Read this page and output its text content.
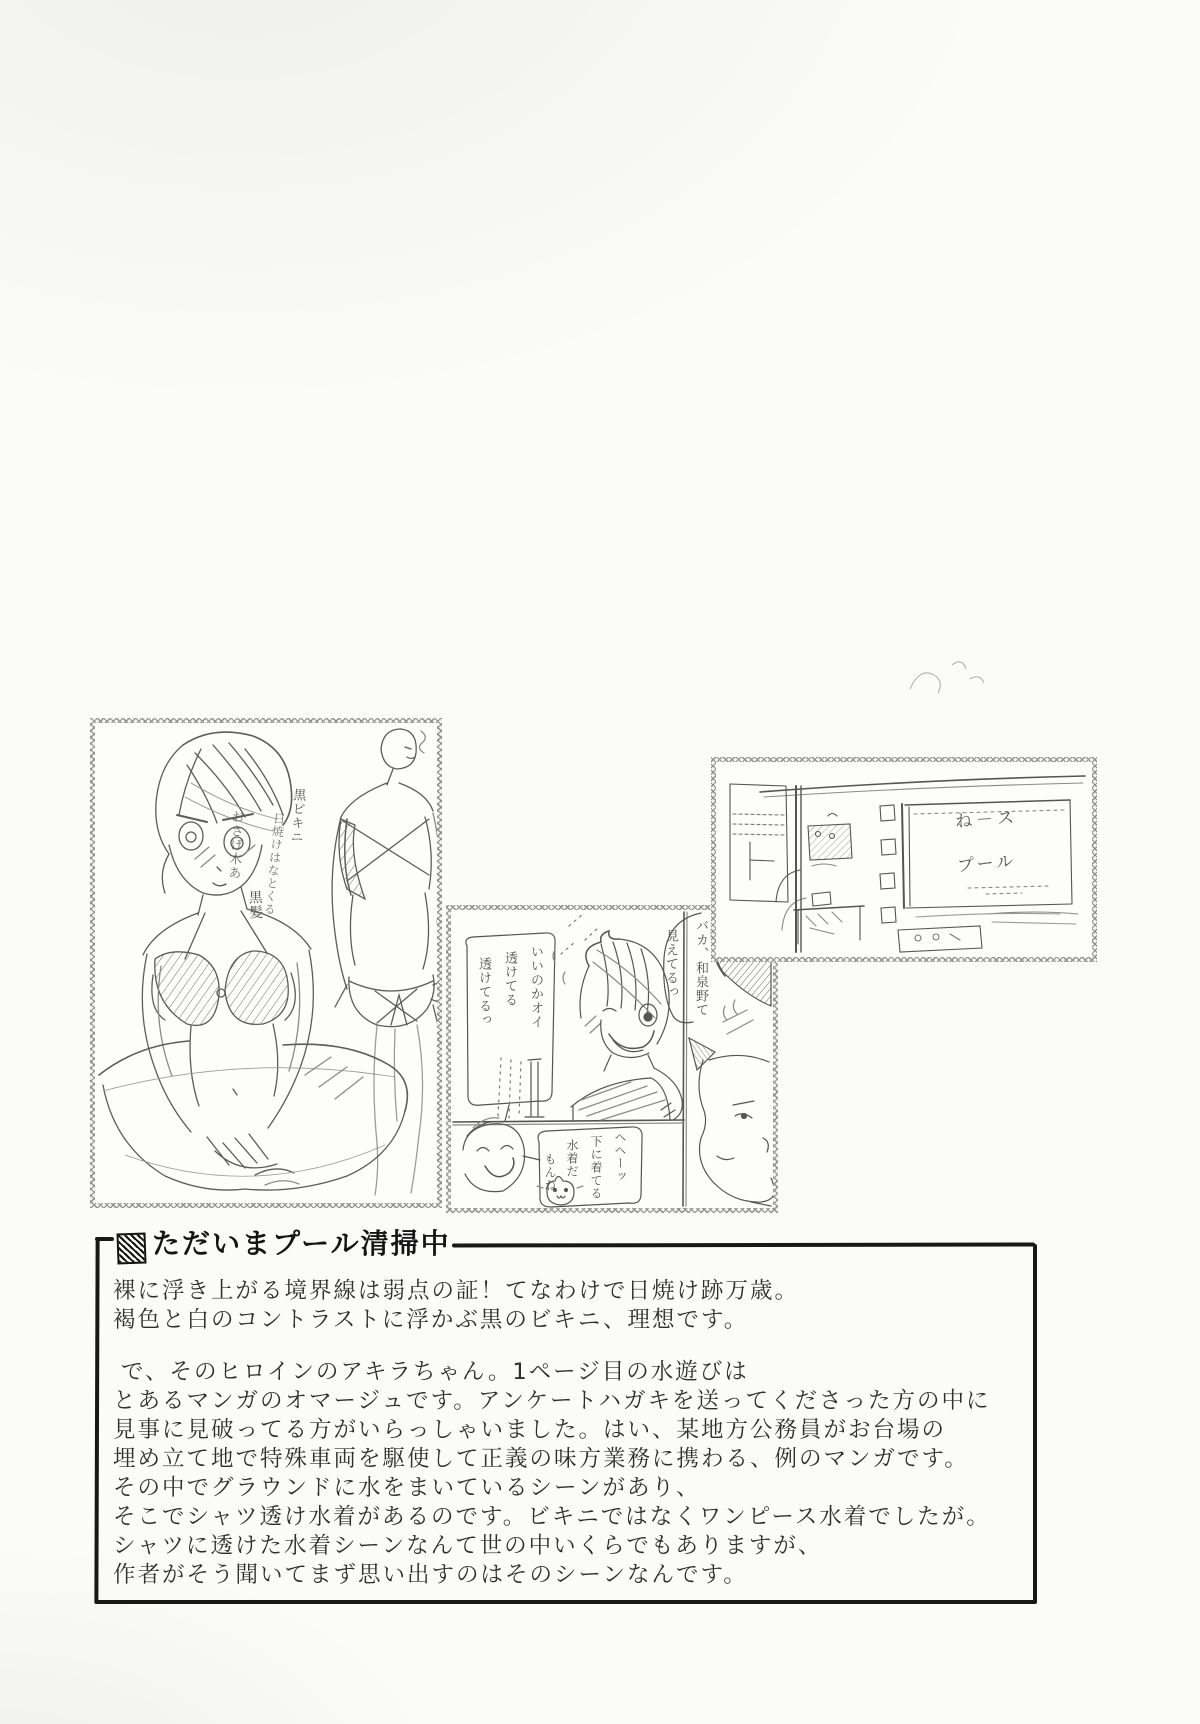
おさげ木あ
黒髪
黒ビキニ
日焼けはなとくる
いいのかオイ
透けてる
透けてるっ	バカ、和泉野て
見えてるっ
ヘヘーッ
下に着てる
水着だ
もんね
ね－ス
プール
ただいまプール清掃中
裸に浮き上がる境界線は弱点の証！てなわけで日焼け跡万歳。
褐色と白のコントラストに浮かぶ黒のビキニ、理想です。
で、そのヒロインのアキラちゃん。1ページ目の水遊びは
とあるマンガのオマージュです。アンケートハガキを送ってくださった方の中に
見事に見破ってる方がいらっしゃいました。はい、某地方公務員がお台場の
埋め立て地で特殊車両を駆使して正義の味方業務に携わる、例のマンガです。
その中でグラウンドに水をまいているシーンがあり、
そこでシャツ透け水着があるのです。ビキニではなくワンピース水着でしたが。
シャツに透けた水着シーンなんて世の中いくらでもありますが、
作者がそう聞いてまず思い出すのはそのシーンなんです。
